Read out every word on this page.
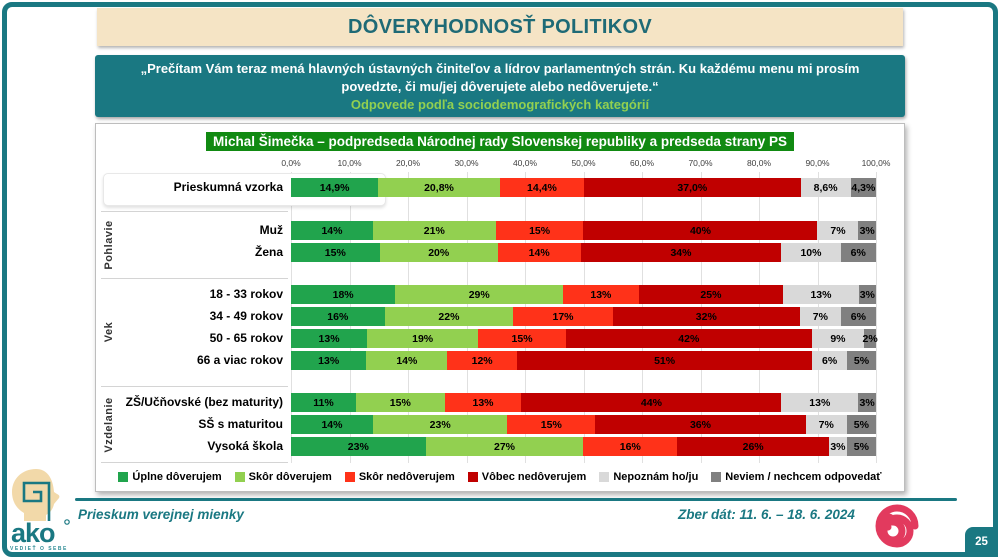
DÔVERYHODNOSŤ POLITIKOV
„Prečítam Vám teraz mená hlavných ústavných činiteľov a lídrov parlamentných strán. Ku každému menu mi prosím povedzte, či mu/jej dôverujete alebo nedôverujete.“
Odpovede podľa sociodemografických kategórií
Michal Šimečka – podpredseda Národnej rady Slovenskej republiky a predseda strany PS
0,0%	10,0%	20,0%	30,0%	40,0%	50,0%	60,0%	70,0%	80,0%	90,0%	100,0%
Prieskumná vzorka	14,9%	20,8%	14,4%	37,0%	8,6% 4,3%
Pohlavie	Muž	14%	21%	15%	40%	7% 3%
Žena	15%	20%	14%	34%	10%	6%
Vek
18 - 33 rokov	18%	29%	13%	25%	13%	3%
34 - 49 rokov	16%	22%	17%	32%	7% 6%
50 - 65 rokov	13%	19%	15%	42%	9% 2%
66 a viac rokov	13%	14%	12%	51%	6% 5%
Vzdelanie ZŠ/Učňovské (bez maturity)	11%	15%	13%	44%	13%	3%
SŠ s maturitou	14%	23%	15%	36%	7% 5%
Vysoká škola	23%	27%	16%	26%	3% 5%
Úplne dôverujem Skôr dôverujem Skôr nedôverujem Vôbec nedôverujem Nepoznám ho/ju Neviem / nechcem odpovedať
Prieskum verejnej mienky	Zber dát: 11. 6. – 18. 6. 2024
ako
VEDIEŤ O SEBE
25
